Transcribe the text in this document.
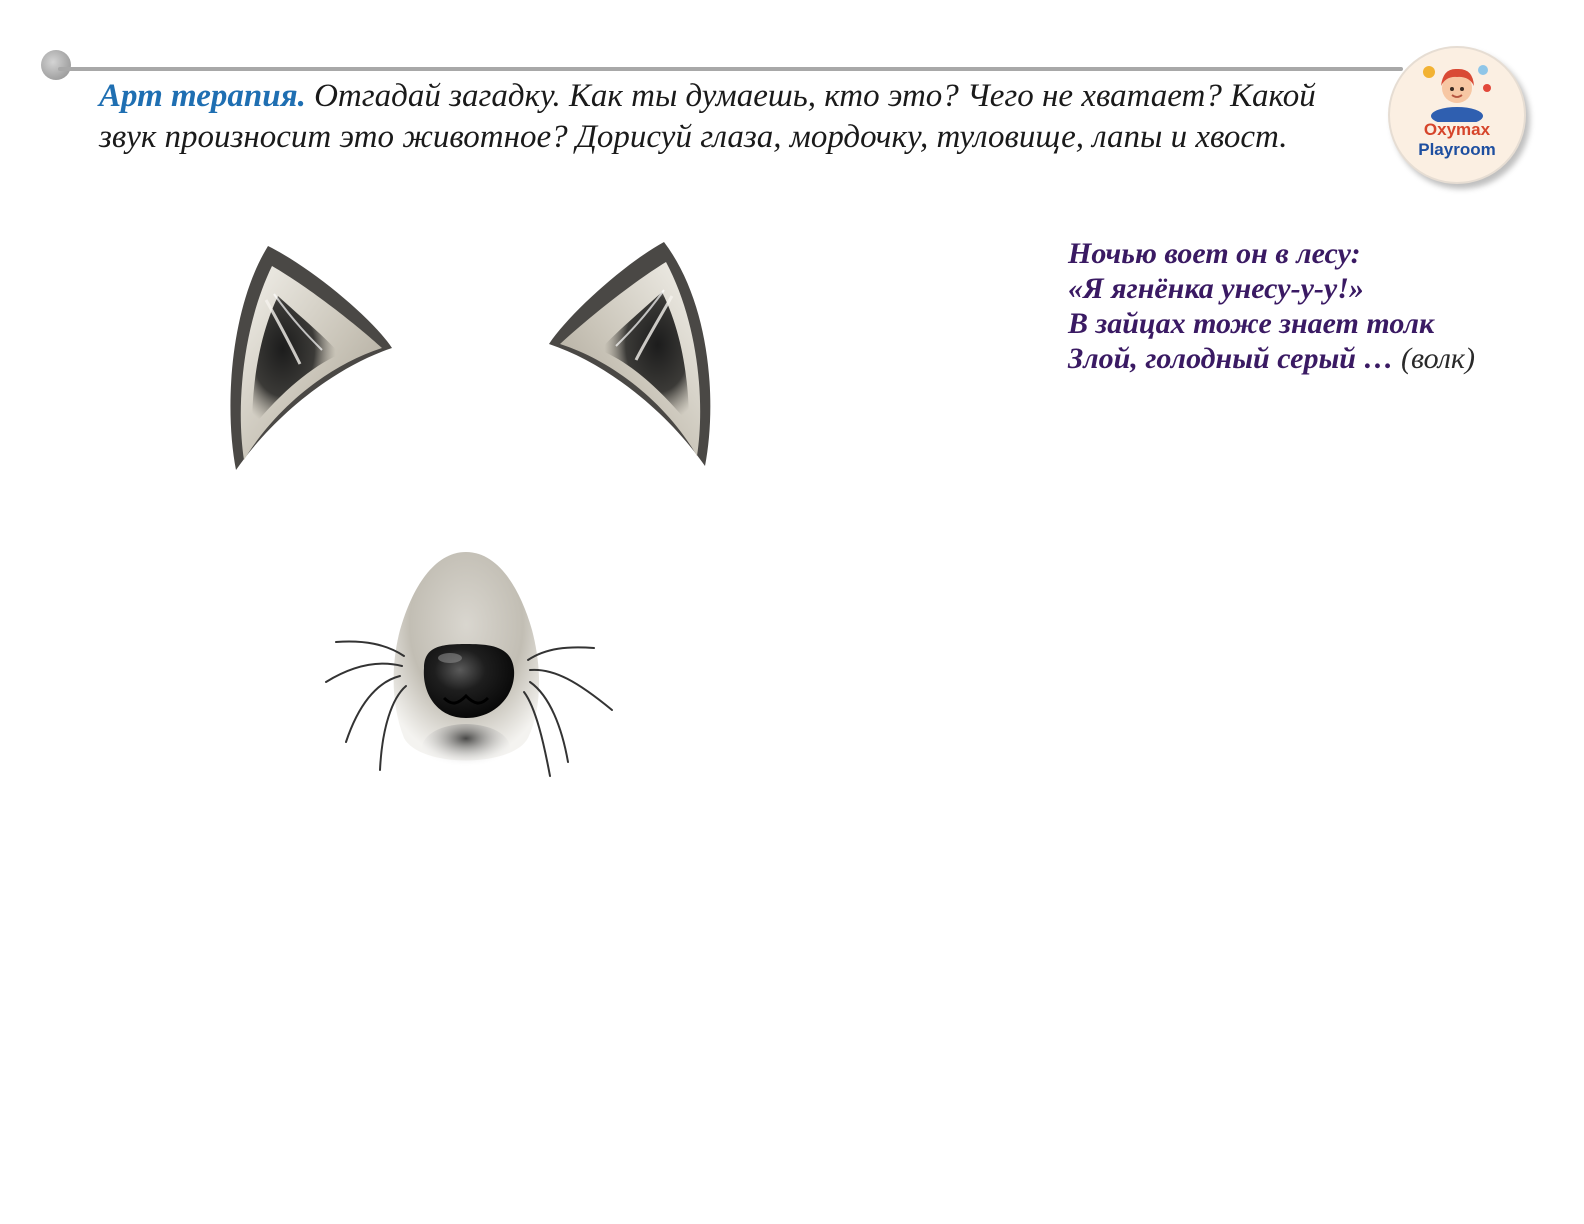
Арт терапия. Отгадай загадку. Как ты думаешь, кто это? Чего не хватает? Какой звук произносит это животное? Дорисуй глаза, мордочку, туловище, лапы и хвост.	Oxymax
Playroom
Ночью воет он в лесу:
«Я ягнёнка унесу-у-у!»
В зайцах тоже знает толк
Злой, голодный серый … (волк)
